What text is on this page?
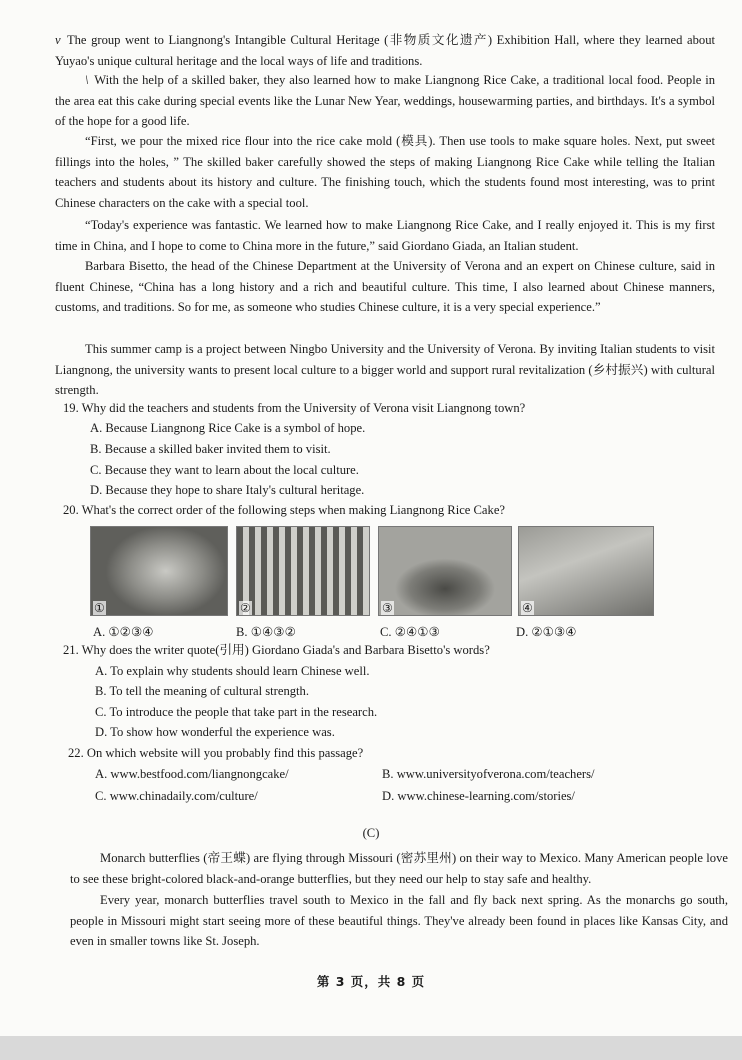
v The group went to Liangnong's Intangible Cultural Heritage (非物质文化遗产) Exhibition Hall, where they learned about Yuyao's unique cultural heritage and the local ways of life and traditions.

\ With the help of a skilled baker, they also learned how to make Liangnong Rice Cake, a traditional local food. People in the area eat this cake during special events like the Lunar New Year, weddings, housewarming parties, and birthdays. It's a symbol of the hope for a good life.

“First, we pour the mixed rice flour into the rice cake mold (模具). Then use tools to make square holes. Next, put sweet fillings into the holes, ” The skilled baker carefully showed the steps of making Liangnong Rice Cake while telling the Italian teachers and students about its history and culture. The finishing touch, which the students found most interesting, was to print Chinese characters on the cake with a special tool.

“Today's experience was fantastic. We learned how to make Liangnong Rice Cake, and I really enjoyed it. This is my first time in China, and I hope to come to China more in the future,” said Giordano Giada, an Italian student.

Barbara Bisetto, the head of the Chinese Department at the University of Verona and an expert on Chinese culture, said in fluent Chinese, “China has a long history and a rich and beautiful culture. This time, I also learned about Chinese manners, customs, and traditions. So for me, as someone who studies Chinese culture, it is a very special experience.”

This summer camp is a project between Ningbo University and the University of Verona. By inviting Italian students to visit Liangnong, the university wants to present local culture to a bigger world and support rural revitalization (乡村振兴) with cultural strength.

19. Why did the teachers and students from the University of Verona visit Liangnong town?

A. Because Liangnong Rice Cake is a symbol of hope.

B. Because a skilled baker invited them to visit.

C. Because they want to learn about the local culture.

D. Because they hope to share Italy's cultural heritage.

20. What's the correct order of the following steps when making Liangnong Rice Cake?

①	②	③	④

A. ①②③④	B. ①④③②	C. ②④①③	D. ②①③④

21. Why does the writer quote(引用) Giordano Giada's and Barbara Bisetto's words?

A. To explain why students should learn Chinese well.

B. To tell the meaning of cultural strength.

C. To introduce the people that take part in the research.

D. To show how wonderful the experience was.

22. On which website will you probably find this passage?

A. www.bestfood.com/liangnongcake/	B. www.universityofverona.com/teachers/

C. www.chinadaily.com/culture/	D. www.chinese-learning.com/stories/

(C)

Monarch butterflies (帝王蝶) are flying through Missouri (密苏里州) on their way to Mexico. Many American people love to see these bright-colored black-and-orange butterflies, but they need our help to stay safe and healthy.

Every year, monarch butterflies travel south to Mexico in the fall and fly back next spring. As the monarchs go south, people in Missouri might start seeing more of these beautiful things. They've already been found in places like Kansas City, and even in smaller towns like St. Joseph.

第 3 页，共 8 页
